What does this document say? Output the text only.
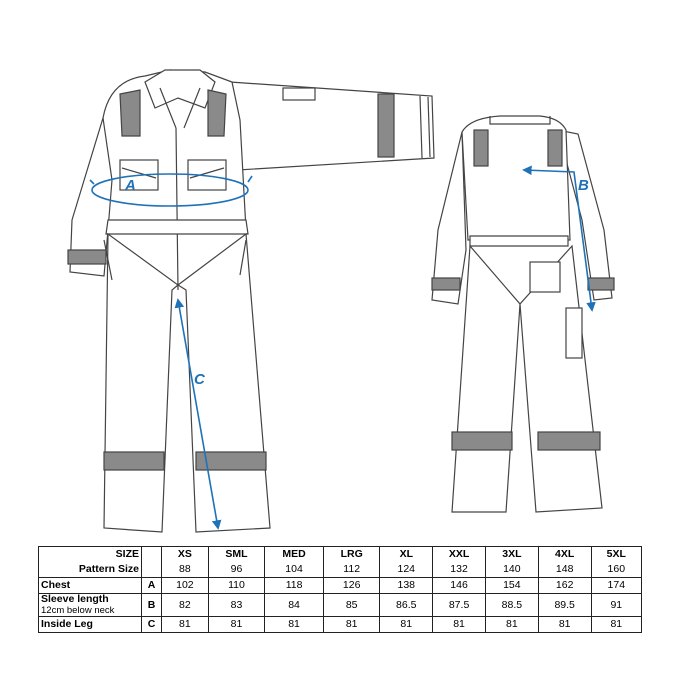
A
C
B
SIZE		XS	SML	MED	LRG	XL	XXL	3XL	4XL	5XL
Pattern Size		88	96	104	112	124	132	140	148	160
Chest	A	102	110	118	126	138	146	154	162	174
Sleeve length
12cm below neck	B	82	83	84	85	86.5	87.5	88.5	89.5	91
Inside Leg	C	81	81	81	81	81	81	81	81	81
